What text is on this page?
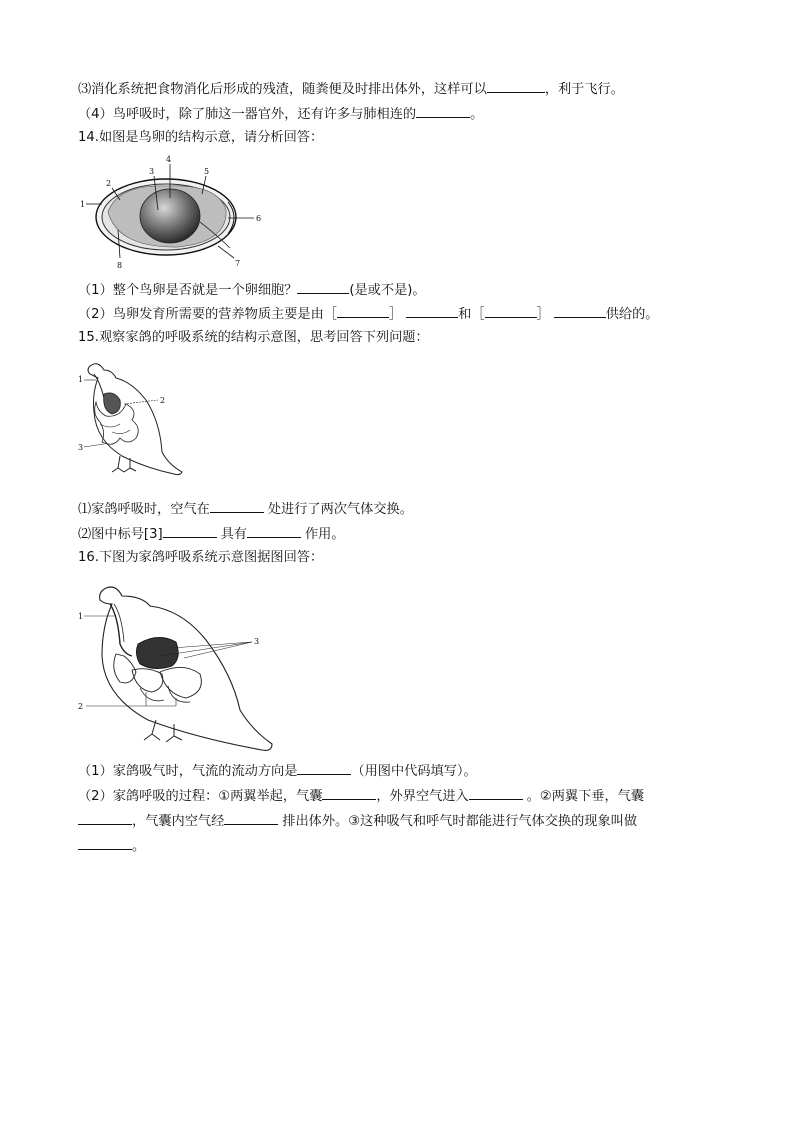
⑶消化系统把食物消化后形成的残渣，随粪便及时排出体外，这样可以	，利于飞行。
（4）鸟呼吸时，除了肺这一器官外，还有许多与肺相连的	。
14.如图是鸟卵的结构示意，请分析回答：
1
2
3
4
5
6
7
8
（1）整个鸟卵是否就是一个卵细胞？	(是或不是)。
（2）鸟卵发育所需要的营养物质主要是由［	］	和［	］	供给的。
15.观察家鸽的呼吸系统的结构示意图，思考回答下列问题：
1
2
3
⑴家鸽呼吸时，空气在	处进行了两次气体交换。
⑵图中标号[3]	具有	作用。
16.下图为家鸽呼吸系统示意图据图回答：
1
3
2
（1）家鸽吸气时，气流的流动方向是	（用图中代码填写）。
（2）家鸽呼吸的过程：①两翼举起，气囊	，外界空气进入	。②两翼下垂，气囊
，气囊内空气经	排出体外。③这种吸气和呼气时都能进行气体交换的现象叫做
。
